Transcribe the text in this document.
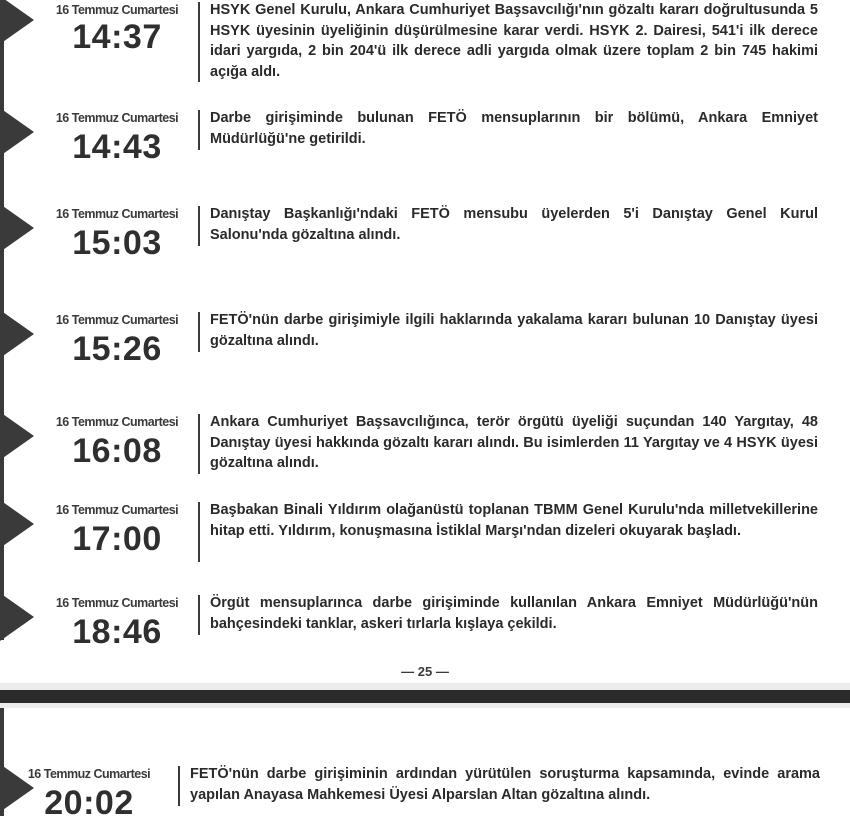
16 Temmuz Cumartesi
14:37
HSYK Genel Kurulu, Ankara Cumhuriyet Başsavcılığı'nın gözaltı kararı doğrultusunda 5 HSYK üyesinin üyeliğinin düşürülmesine karar verdi. HSYK 2. Dairesi, 541'i ilk derece idari yargıda, 2 bin 204'ü ilk derece adli yargıda olmak üzere toplam 2 bin 745 hakimi açığa aldı.
16 Temmuz Cumartesi
14:43
Darbe girişiminde bulunan FETÖ mensuplarının bir bölümü, Ankara Emniyet Müdürlüğü'ne getirildi.
16 Temmuz Cumartesi
15:03
Danıştay Başkanlığı'ndaki FETÖ mensubu üyelerden 5'i Danıştay Genel Kurul Salonu'nda gözaltına alındı.
16 Temmuz Cumartesi
15:26
FETÖ'nün darbe girişimiyle ilgili haklarında yakalama kararı bulunan 10 Danıştay üyesi gözaltına alındı.
16 Temmuz Cumartesi
16:08
Ankara Cumhuriyet Başsavcılığınca, terör örgütü üyeliği suçundan 140 Yargıtay, 48 Danıştay üyesi hakkında gözaltı kararı alındı. Bu isimlerden 11 Yargıtay ve 4 HSYK üyesi gözaltına alındı.
16 Temmuz Cumartesi
17:00
Başbakan Binali Yıldırım olağanüstü toplanan TBMM Genel Kurulu'nda milletvekillerine hitap etti. Yıldırım, konuşmasına İstiklal Marşı'ndan dizeleri okuyarak başladı.
16 Temmuz Cumartesi
18:46
Örgüt mensuplarınca darbe girişiminde kullanılan Ankara Emniyet Müdürlüğü'nün bahçesindeki tanklar, askeri tırlarla kışlaya çekildi.
— 25 —
16 Temmuz Cumartesi
20:02
FETÖ'nün darbe girişiminin ardından yürütülen soruşturma kapsamında, evinde arama yapılan Anayasa Mahkemesi Üyesi Alparslan Altan gözaltına alındı.
